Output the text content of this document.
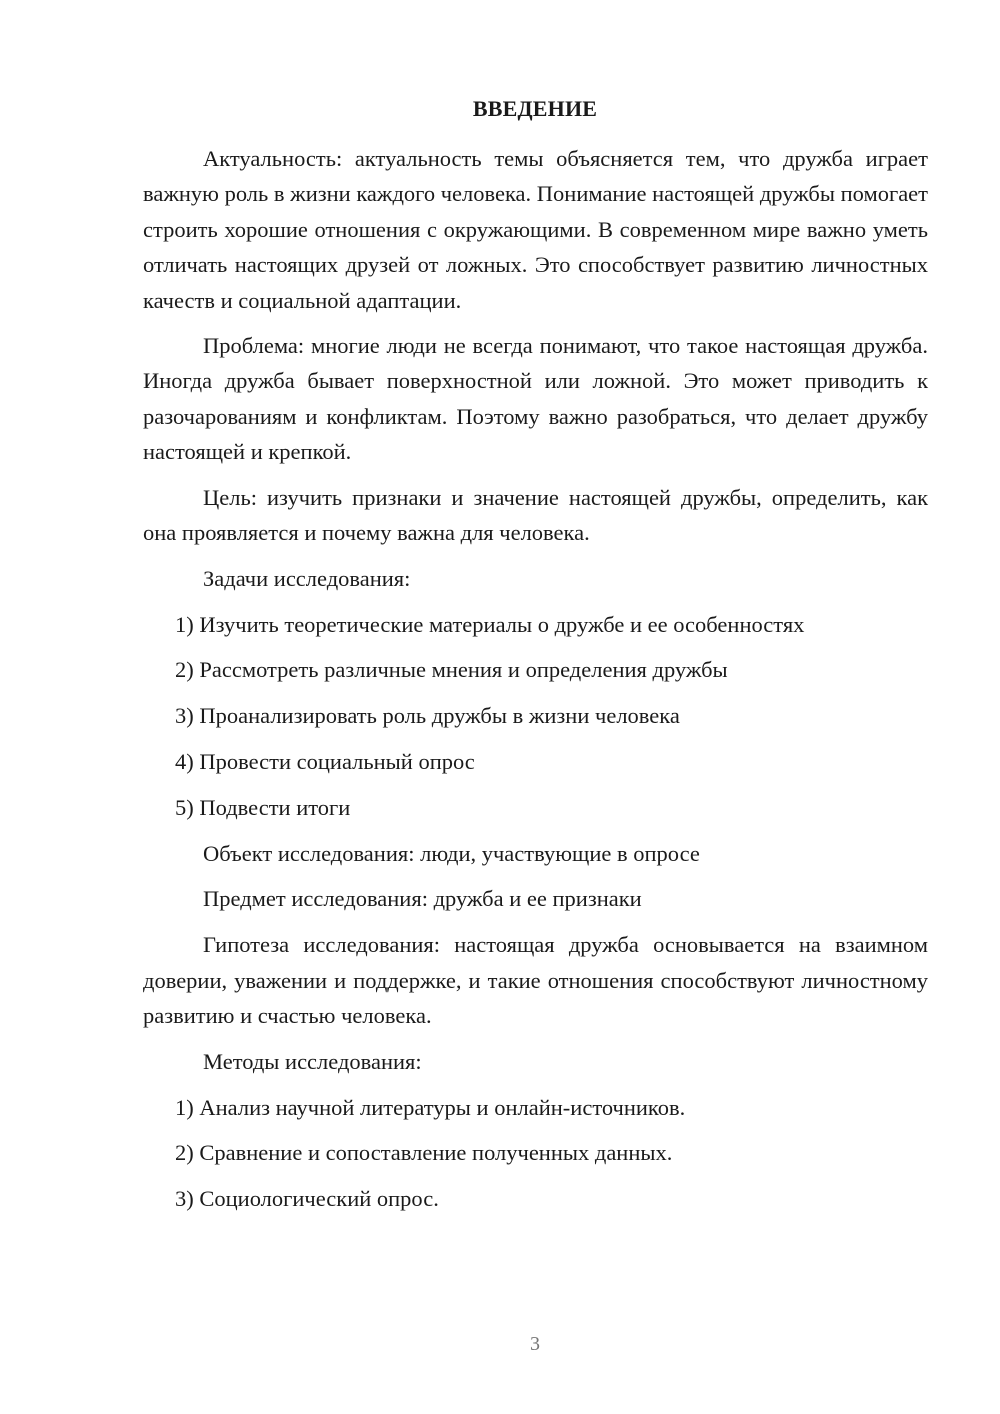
ВВЕДЕНИЕ

Актуальность: актуальность темы объясняется тем, что дружба играет важную роль в жизни каждого человека. Понимание настоящей дружбы помогает строить хорошие отношения с окружающими. В современном мире важно уметь отличать настоящих друзей от ложных. Это способствует развитию личностных качеств и социальной адаптации.

Проблема: многие люди не всегда понимают, что такое настоящая дружба. Иногда дружба бывает поверхностной или ложной. Это может приводить к разочарованиям и конфликтам. Поэтому важно разобраться, что делает дружбу настоящей и крепкой.

Цель: изучить признаки и значение настоящей дружбы, определить, как она проявляется и почему важна для человека.

Задачи исследования:

1) Изучить теоретические материалы о дружбе и ее особенностях

2) Рассмотреть различные мнения и определения дружбы

3) Проанализировать роль дружбы в жизни человека

4) Провести социальный опрос

5) Подвести итоги

Объект исследования: люди, участвующие в опросе

Предмет исследования: дружба и ее признаки

Гипотеза исследования: настоящая дружба основывается на взаимном доверии, уважении и поддержке, и такие отношения способствуют личностному развитию и счастью человека.

Методы исследования:

1) Анализ научной литературы и онлайн-источников.

2) Сравнение и сопоставление полученных данных.

3) Социологический опрос.

3
